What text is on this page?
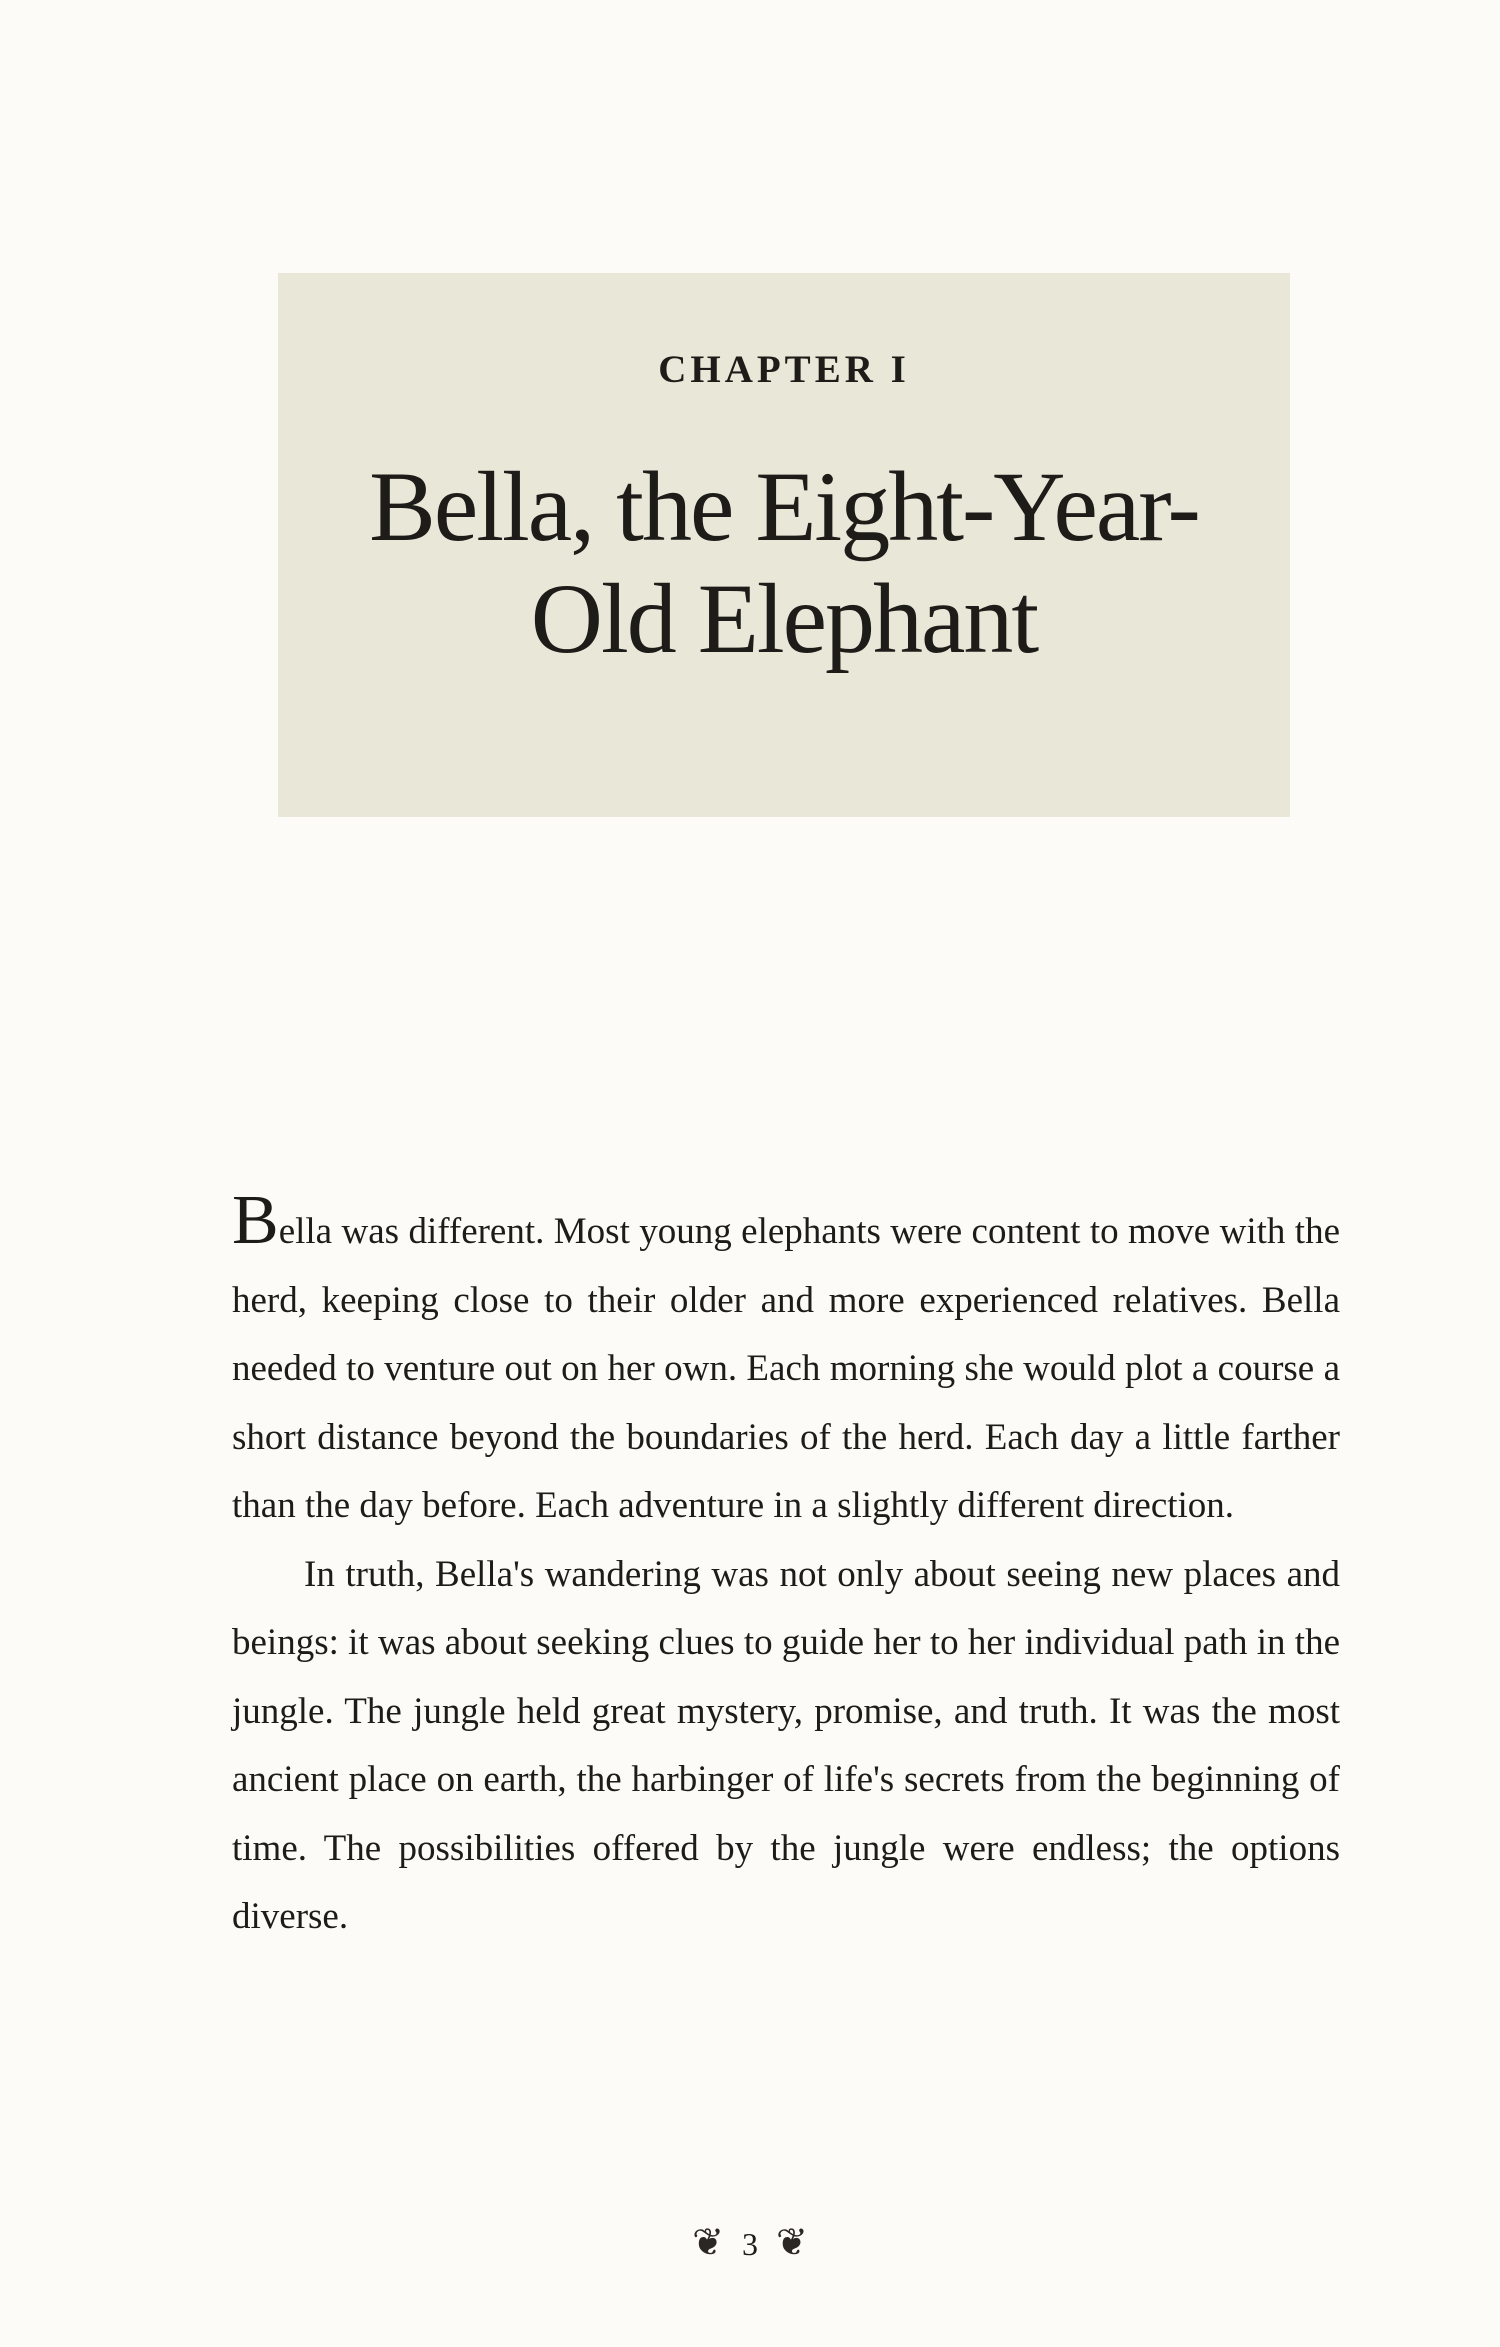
CHAPTER I
Bella, the Eight-Year-
Old Elephant

Bella was different. Most young elephants were content to move with the herd, keeping close to their older and more experienced relatives. Bella needed to venture out on her own. Each morning she would plot a course a short distance beyond the boundaries of the herd. Each day a little farther than the day before. Each adventure in a slightly different direction.

In truth, Bella's wandering was not only about seeing new places and beings: it was about seeking clues to guide her to her individual path in the jungle. The jungle held great mystery, promise, and truth. It was the most ancient place on earth, the harbinger of life's secrets from the beginning of time. The possibilities offered by the jungle were endless; the options diverse.

❦ 3 ❦
